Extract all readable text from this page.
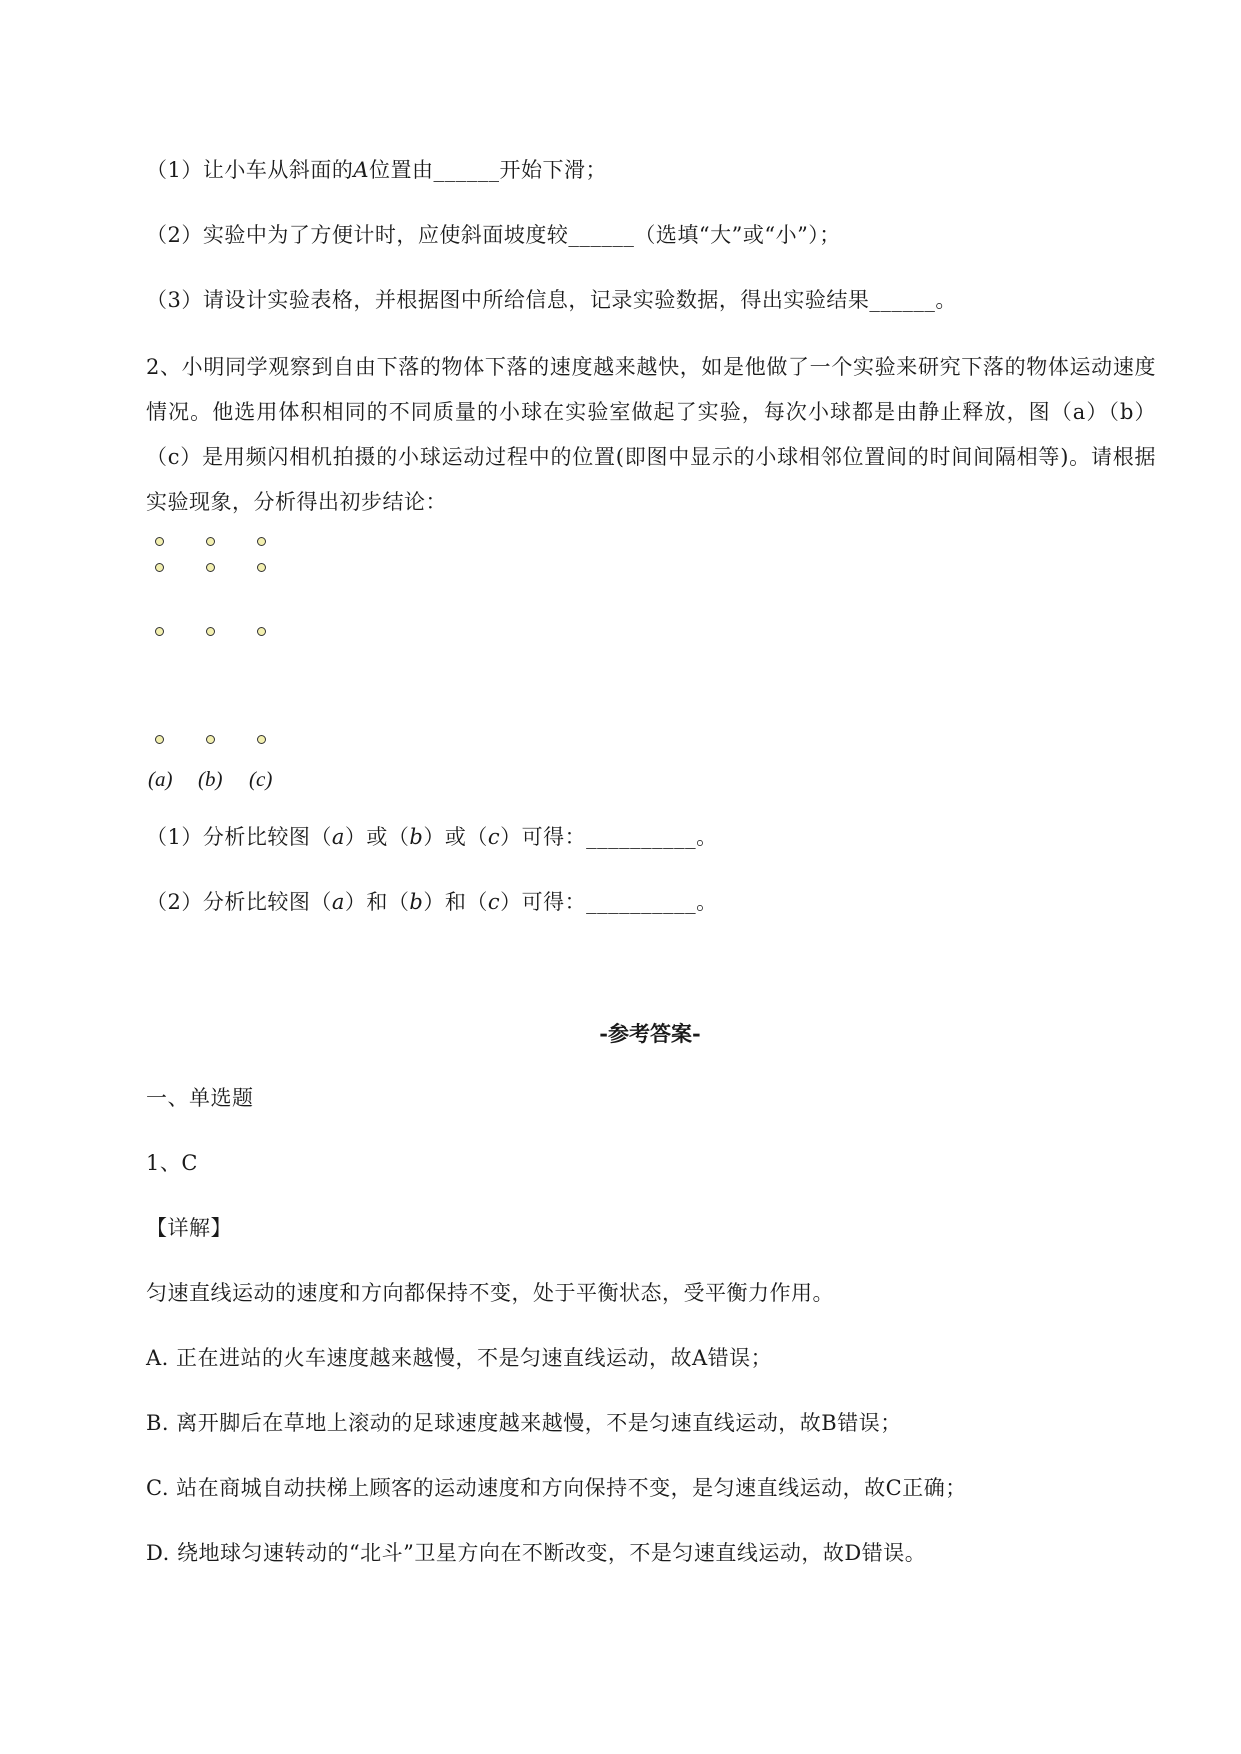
（1）让小车从斜面的A位置由______开始下滑；
（2）实验中为了方便计时，应使斜面坡度较______（选填“大”或“小”）；
（3）请设计实验表格，并根据图中所给信息，记录实验数据，得出实验结果______。
2、小明同学观察到自由下落的物体下落的速度越来越快，如是他做了一个实验来研究下落的物体运动速度情况。他选用体积相同的不同质量的小球在实验室做起了实验，每次小球都是由静止释放，图（a）（b）（c）是用频闪相机拍摄的小球运动过程中的位置(即图中显示的小球相邻位置间的时间间隔相等)。请根据实验现象，分析得出初步结论：
(a) (b) (c)
（1）分析比较图（a）或（b）或（c）可得：__________。
（2）分析比较图（a）和（b）和（c）可得：__________。
-参考答案-
一、单选题
1、C
【详解】
匀速直线运动的速度和方向都保持不变，处于平衡状态，受平衡力作用。
A. 正在进站的火车速度越来越慢，不是匀速直线运动，故A错误；
B. 离开脚后在草地上滚动的足球速度越来越慢，不是匀速直线运动，故B错误；
C. 站在商城自动扶梯上顾客的运动速度和方向保持不变，是匀速直线运动，故C正确；
D. 绕地球匀速转动的“北斗”卫星方向在不断改变，不是匀速直线运动，故D错误。
